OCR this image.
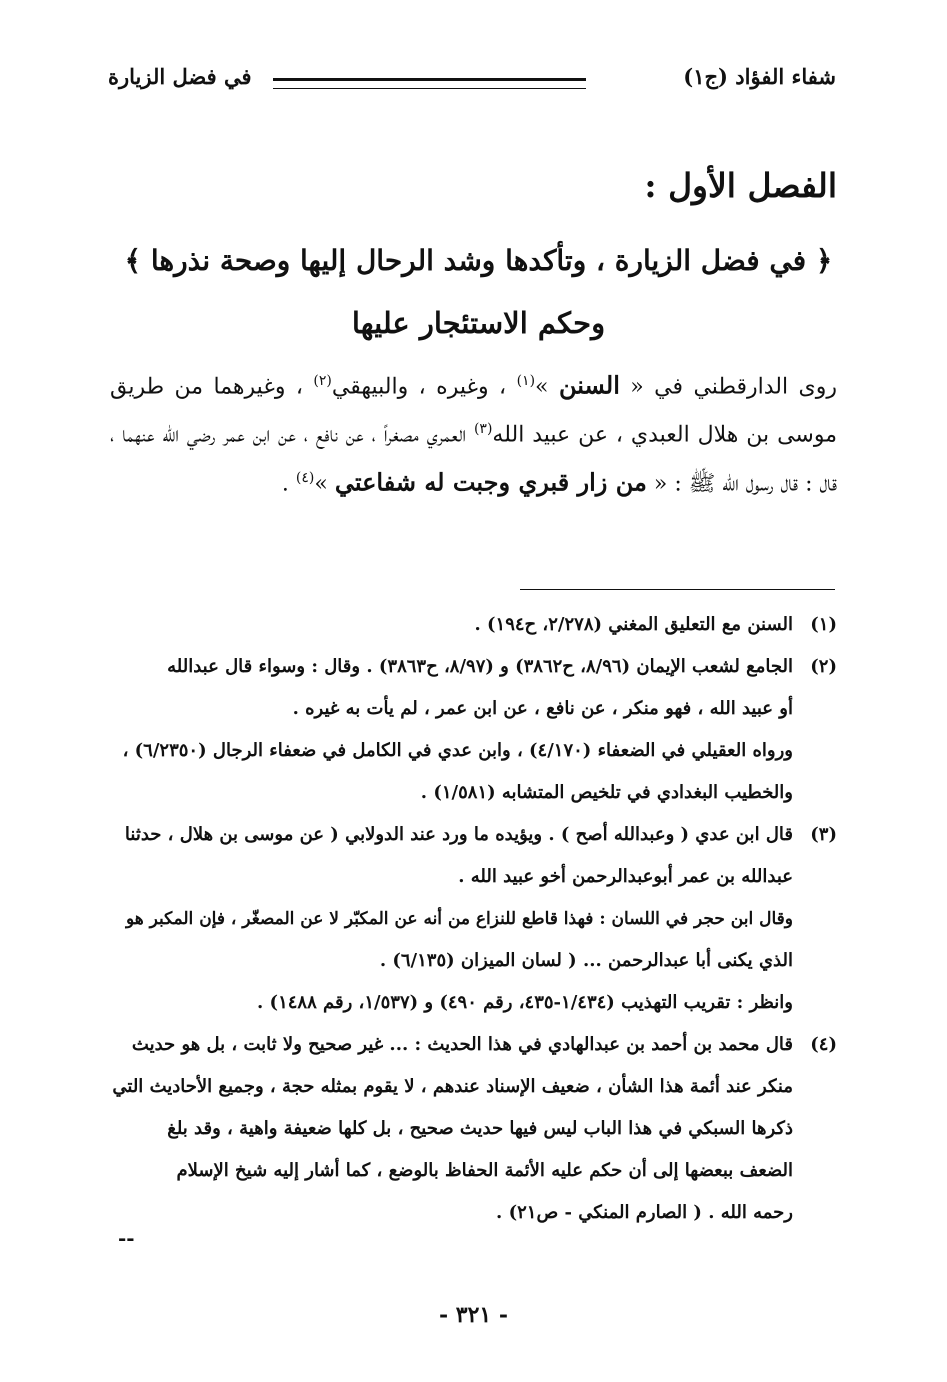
شفاء الفؤاد (ج١)
في فضل الزيارة
الفصل الأول :
﴿ في فضل الزيارة ، وتأكدها وشد الرحال إليها وصحة نذرها ﴾
وحكم الاستئجار عليها
روى الدارقطني في « السنن »$^{(١)}$ ، وغيره ، والبيهقي$^{(٢)}$ ، وغيرهما من طريق موسى بن هلال العبدي ، عن عبيد الله$^{(٣)}$ العمري مصغراً ، عن نافع ، عن ابن عمر رضي الله عنهما ، قال : قال رسول الله ﷺ : « من زار قبري وجبت له شفاعتي »$^{(٤)}$ .
(١)السنن مع التعليق المغني (٢/٢٧٨، ح١٩٤) .
(٢)الجامع لشعب الإيمان (٨/٩٦، ح٣٨٦٢) و (٨/٩٧، ح٣٨٦٣) . وقال : وسواء قال عبدالله
أو عبيد الله ، فهو منكر ، عن نافع ، عن ابن عمر ، لم يأت به غيره .
ورواه العقيلي في الضعفاء (٤/١٧٠) ، وابن عدي في الكامل في ضعفاء الرجال (٦/٢٣٥٠) ،
والخطيب البغدادي في تلخيص المتشابه (١/٥٨١) .
(٣)قال ابن عدي ( وعبدالله أصح ) . ويؤيده ما ورد عند الدولابي ( عن موسى بن هلال ، حدثنا
عبدالله بن عمر أبوعبدالرحمن أخو عبيد الله .
وقال ابن حجر في اللسان : فهذا قاطع للنزاع من أنه عن المكبّر لا عن المصغّر ، فإن المكبر هو
الذي يكنى أبا عبدالرحمن ... ( لسان الميزان (٦/١٣٥) .
وانظر : تقريب التهذيب (١/٤٣٤-٤٣٥، رقم ٤٩٠) و (١/٥٣٧، رقم ١٤٨٨) .
(٤)قال محمد بن أحمد بن عبدالهادي في هذا الحديث : ... غير صحيح ولا ثابت ، بل هو حديث
منكر عند أئمة هذا الشأن ، ضعيف الإسناد عندهم ، لا يقوم بمثله حجة ، وجميع الأحاديث التي
ذكرها السبكي في هذا الباب ليس فيها حديث صحيح ، بل كلها ضعيفة واهية ، وقد بلغ
الضعف ببعضها إلى أن حكم عليه الأئمة الحفاظ بالوضع ، كما أشار إليه شيخ الإسلام
رحمه الله . ( الصارم المنكي - ص٢١) .
--
- ٣٢١ -
